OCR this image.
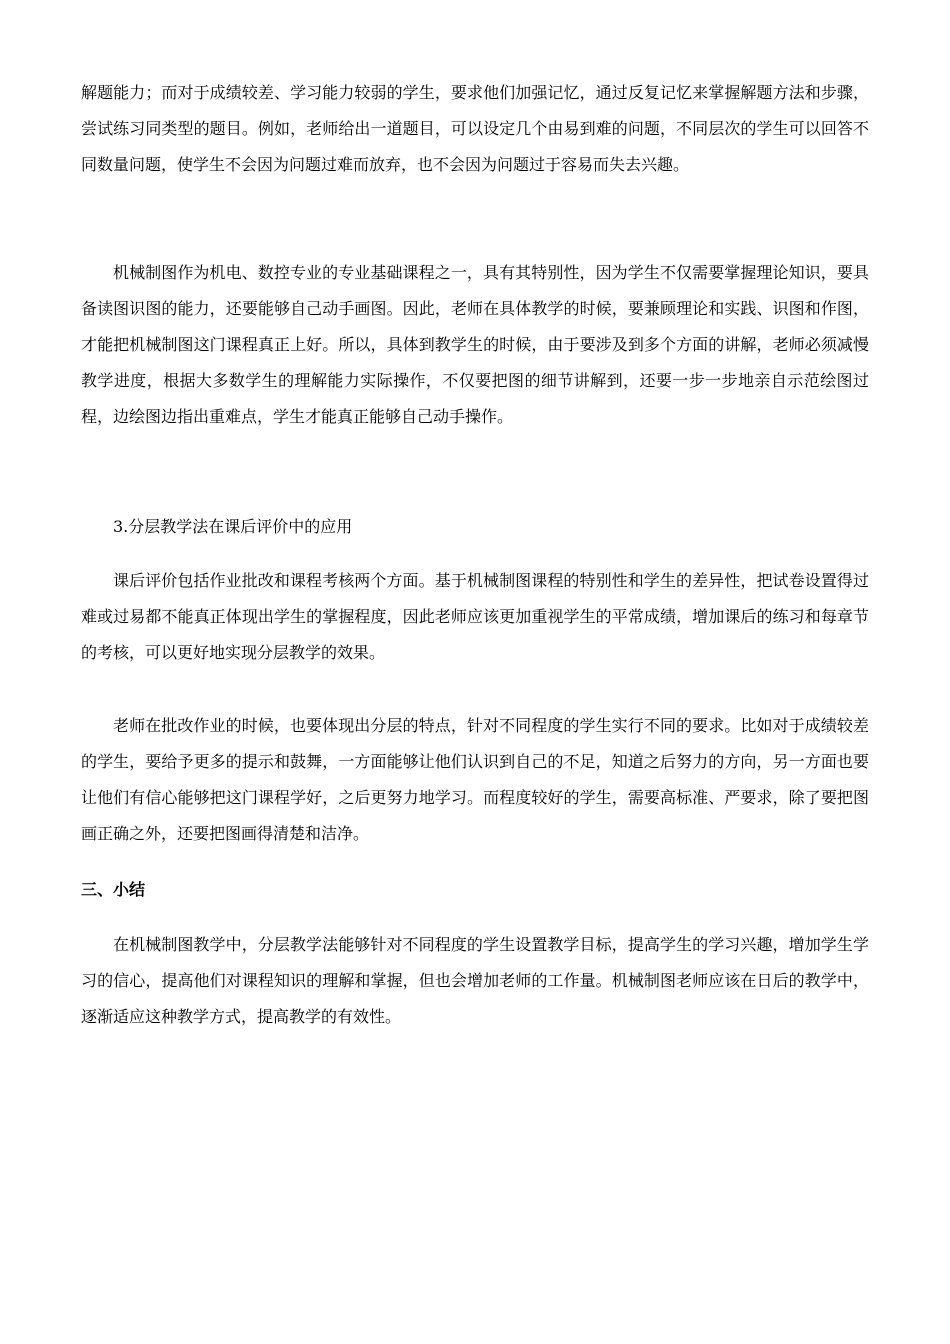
解题能力；而对于成绩较差、学习能力较弱的学生，要求他们加强记忆，通过反复记忆来掌握解题方法和步骤，尝试练习同类型的题目。例如，老师给出一道题目，可以设定几个由易到难的问题，不同层次的学生可以回答不同数量问题，使学生不会因为问题过难而放弃，也不会因为问题过于容易而失去兴趣。

机械制图作为机电、数控专业的专业基础课程之一，具有其特别性，因为学生不仅需要掌握理论知识，要具备读图识图的能力，还要能够自己动手画图。因此，老师在具体教学的时候，要兼顾理论和实践、识图和作图，才能把机械制图这门课程真正上好。所以，具体到教学生的时候，由于要涉及到多个方面的讲解，老师必须减慢教学进度，根据大多数学生的理解能力实际操作，不仅要把图的细节讲解到，还要一步一步地亲自示范绘图过程，边绘图边指出重难点，学生才能真正能够自己动手操作。

3.分层教学法在课后评价中的应用

课后评价包括作业批改和课程考核两个方面。基于机械制图课程的特别性和学生的差异性，把试卷设置得过难或过易都不能真正体现出学生的掌握程度，因此老师应该更加重视学生的平常成绩，增加课后的练习和每章节的考核，可以更好地实现分层教学的效果。

老师在批改作业的时候，也要体现出分层的特点，针对不同程度的学生实行不同的要求。比如对于成绩较差的学生，要给予更多的提示和鼓舞，一方面能够让他们认识到自己的不足，知道之后努力的方向，另一方面也要让他们有信心能够把这门课程学好，之后更努力地学习。而程度较好的学生，需要高标准、严要求，除了要把图画正确之外，还要把图画得清楚和洁净。

三、小结

在机械制图教学中，分层教学法能够针对不同程度的学生设置教学目标，提高学生的学习兴趣，增加学生学习的信心，提高他们对课程知识的理解和掌握，但也会增加老师的工作量。机械制图老师应该在日后的教学中，逐渐适应这种教学方式，提高教学的有效性。
